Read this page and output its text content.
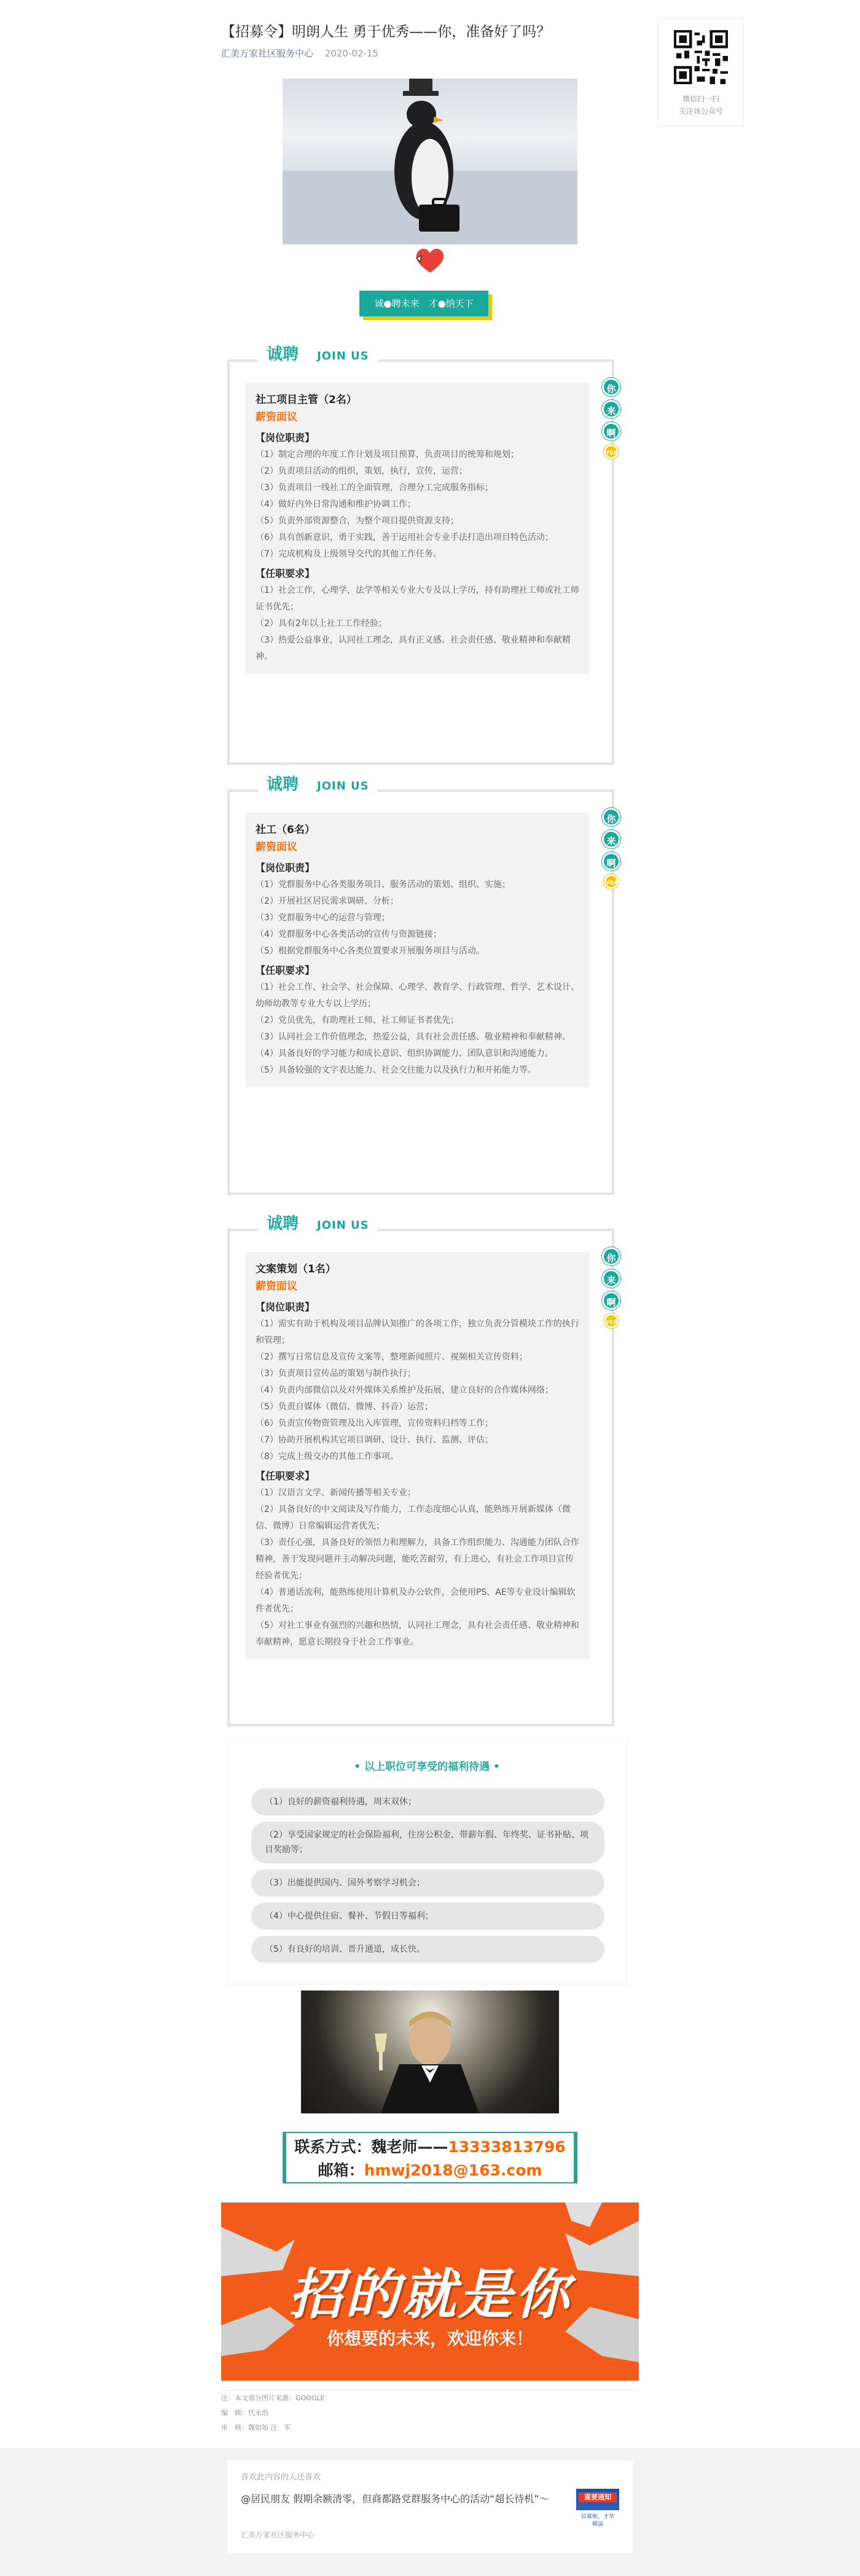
【招募令】明朗人生 勇于优秀——你，准备好了吗？
汇美万家社区服务中心 2020-02-15
诚●聘未来　才●纳天下
诚聘 JOIN US
你
来
啊
YEA
社工项目主管（2名）
薪资面议
【岗位职责】
（1）制定合理的年度工作计划及项目预算，负责项目的统筹和规划；
（2）负责项目活动的组织，策划，执行，宣传，运营；
（3）负责项目一线社工的全面管理，合理分工完成服务指标；
（4）做好内外日常沟通和维护协调工作；
（5）负责外部资源整合，为整个项目提供资源支持；
（6）具有创新意识，勇于实践，善于运用社会专业手法打造出项目特色活动；
（7）完成机构及上级领导交代的其他工作任务。
【任职要求】
（1）社会工作，心理学，法学等相关专业大专及以上学历，持有助理社工师或社工师证书优先；
（2）具有2年以上社工工作经验；
（3）热爱公益事业，认同社工理念，具有正义感、社会责任感、敬业精神和奉献精神。
诚聘 JOIN US
你
来
啊
YEA
社工（6名）
薪资面议
【岗位职责】
（1）党群服务中心各类服务项目、服务活动的策划、组织、实施；
（2）开展社区居民需求调研、分析；
（3）党群服务中心的运营与管理；
（4）党群服务中心各类活动的宣传与资源链接；
（5）根据党群服务中心各类位置要求开展服务项目与活动。
【任职要求】
（1）社会工作、社会学、社会保障、心理学、教育学、行政管理、哲学、艺术设计、幼师幼教等专业大专以上学历；
（2）党员优先，有助理社工师、社工师证书者优先；
（3）认同社会工作价值理念，热爱公益，具有社会责任感、敬业精神和奉献精神。
（4）具备良好的学习能力和成长意识、组织协调能力、团队意识和沟通能力。
（5）具备较强的文字表达能力、社会交往能力以及执行力和开拓能力等。
诚聘 JOIN US
你
来
啊
YEA
文案策划（1名）
薪资面议
【岗位职责】
（1）需实有助于机构及项目品牌认知推广的各项工作，独立负责分管模块工作的执行和管理；
（2）撰写日常信息及宣传文案等，整理新闻照片、视频相关宣传资料；
（3）负责项目宣传品的策划与制作执行；
（4）负责内部微信以及对外媒体关系维护及拓展，建立良好的合作媒体网络；
（5）负责自媒体（微信、微博、抖音）运营；
（6）负责宣传物资管理及出入库管理，宣传资料归档等工作；
（7）协助开展机构其它项目调研、设计、执行、监测、评估；
（8）完成上级交办的其他工作事项。
【任职要求】
（1）汉语言文学、新闻传播等相关专业；
（2）具备良好的中文阅读及写作能力，工作态度细心认真，能熟练开展新媒体（微信、微博）日常编辑运营者优先；
（3）责任心强，具备良好的领悟力和理解力，具备工作组织能力、沟通能力团队合作精神，善于发现问题并主动解决问题，能吃苦耐劳，有上进心，有社会工作项目宣传经验者优先；
（4）普通话流利，能熟练使用计算机及办公软件，会使用PS、AE等专业设计编辑软件者优先；
（5）对社工事业有强烈的兴趣和热情，认同社工理念，具有社会责任感、敬业精神和奉献精神，愿意长期投身于社会工作事业。
• 以上职位可享受的福利待遇 •
（1）良好的薪资福利待遇，周末双休；
（2）享受国家规定的社会保险福利，住房公积金、带薪年假、年终奖、证书补贴、项目奖励等；
（3）出能提供国内、国外考察学习机会；
（4）中心提供住宿、餐补、节假日等福利；
（5）有良好的培训、晋升通道，成长快。
联系方式：魏老师——13333813796
邮箱：hmwj2018@163.com
招的就是你
你想要的未来，欢迎你来！
注：本文部分图片来源：GOOGLE
编　辑：代永浩
审　核：魏如如 汪　军
微信扫一扫
关注该公众号
喜欢此内容的人还喜欢
@居民朋友 假期余额清零，但商都路党群服务中心的活动“超长待机”～
汇美万家社区服务中心
重要通知
招募啦，才华横溢
